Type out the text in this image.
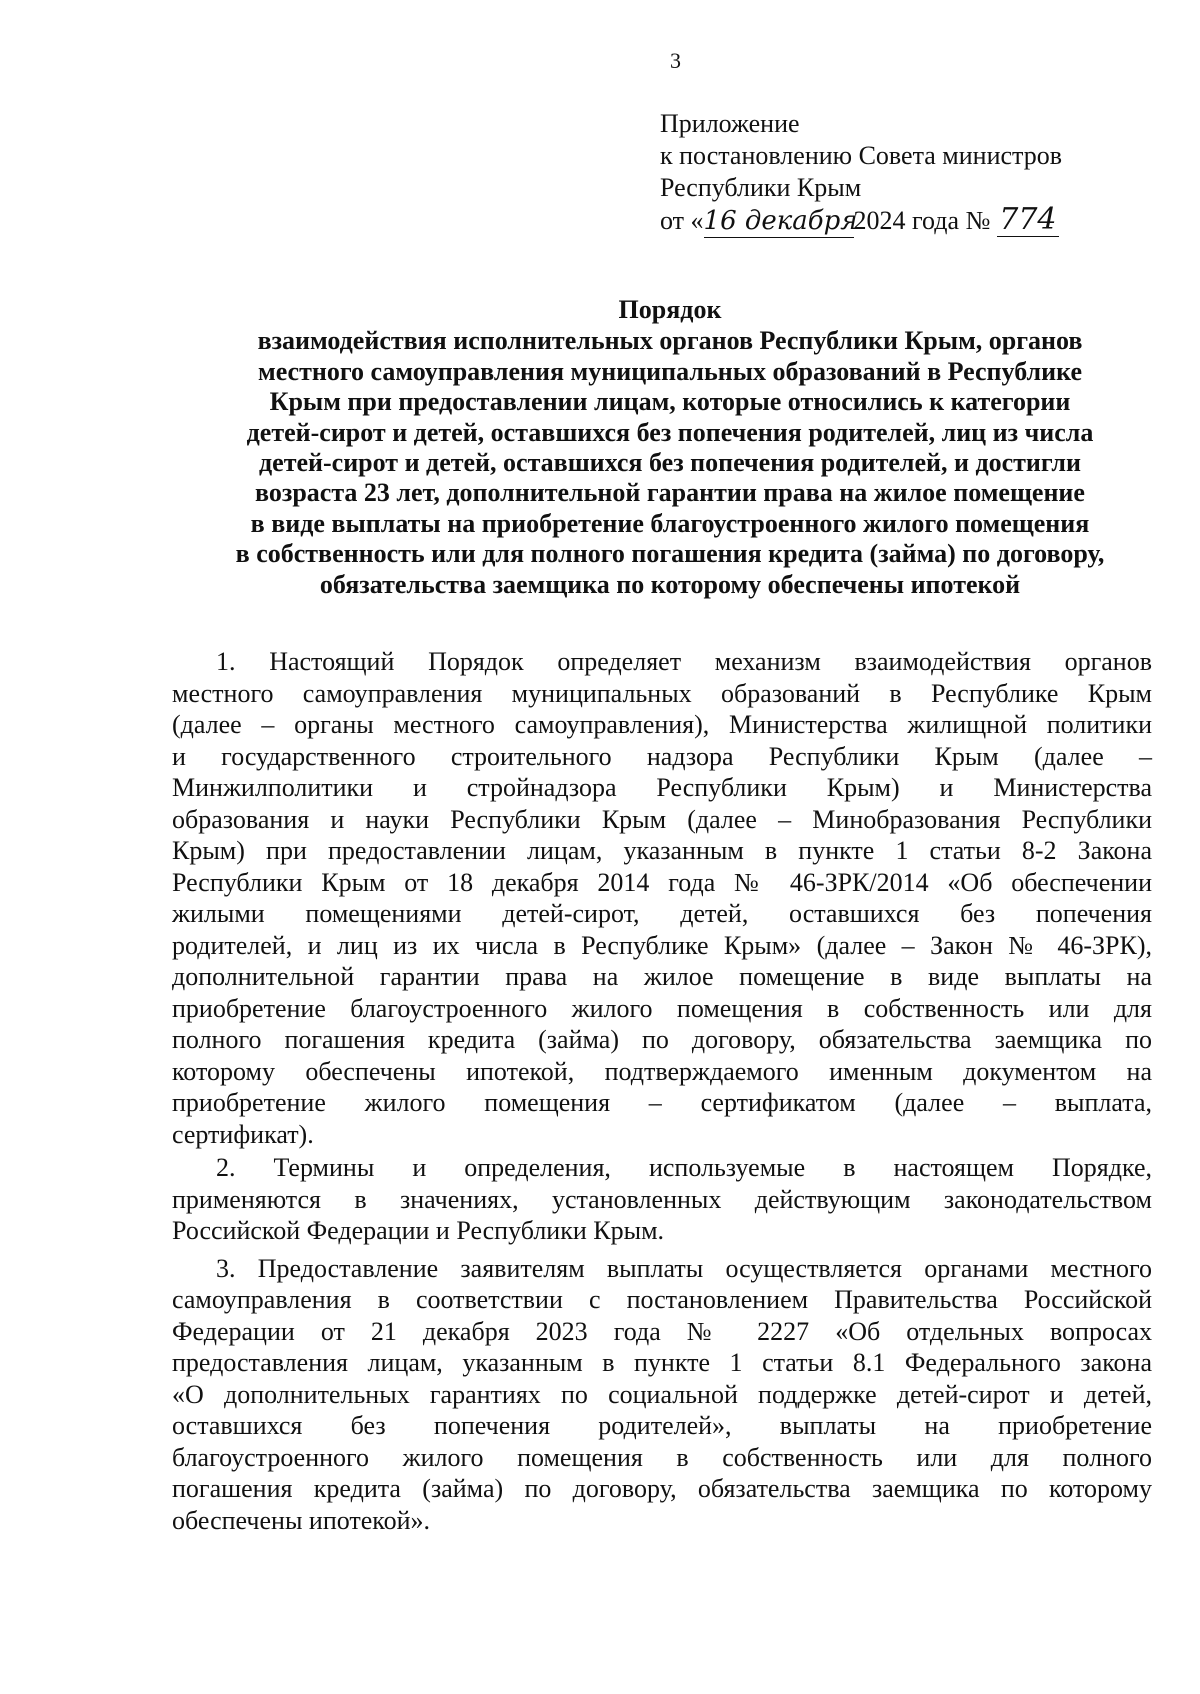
3
Приложение
к постановлению Совета министров
Республики Крым
от «16 декабря2024 года № 774
Порядок
взаимодействия исполнительных органов Республики Крым, органов
местного самоуправления муниципальных образований в Республике
Крым при предоставлении лицам, которые относились к категории
детей-сирот и детей, оставшихся без попечения родителей, лиц из числа
детей-сирот и детей, оставшихся без попечения родителей, и достигли
возраста 23 лет, дополнительной гарантии права на жилое помещение
в виде выплаты на приобретение благоустроенного жилого помещения
в собственность или для полного погашения кредита (займа) по договору,
обязательства заемщика по которому обеспечены ипотекой
1. Настоящий Порядок определяет механизм взаимодействия органов
местного самоуправления муниципальных образований в Республике Крым
(далее – органы местного самоуправления), Министерства жилищной политики
и государственного строительного надзора Республики Крым (далее –
Минжилполитики и стройнадзора Республики Крым) и Министерства
образования и науки Республики Крым (далее – Минобразования Республики
Крым) при предоставлении лицам, указанным в пункте 1 статьи 8-2 Закона
Республики Крым от 18 декабря 2014 года № 46-ЗРК/2014 «Об обеспечении
жилыми помещениями детей-сирот, детей, оставшихся без попечения
родителей, и лиц из их числа в Республике Крым» (далее – Закон № 46-ЗРК),
дополнительной гарантии права на жилое помещение в виде выплаты на
приобретение благоустроенного жилого помещения в собственность или для
полного погашения кредита (займа) по договору, обязательства заемщика по
которому обеспечены ипотекой, подтверждаемого именным документом на
приобретение жилого помещения – сертификатом (далее – выплата,
сертификат).
2. Термины и определения, используемые в настоящем Порядке,
применяются в значениях, установленных действующим законодательством
Российской Федерации и Республики Крым.
3. Предоставление заявителям выплаты осуществляется органами местного
самоуправления в соответствии с постановлением Правительства Российской
Федерации от 21 декабря 2023 года № 2227 «Об отдельных вопросах
предоставления лицам, указанным в пункте 1 статьи 8.1 Федерального закона
«О дополнительных гарантиях по социальной поддержке детей-сирот и детей,
оставшихся без попечения родителей», выплаты на приобретение
благоустроенного жилого помещения в собственность или для полного
погашения кредита (займа) по договору, обязательства заемщика по которому
обеспечены ипотекой».
